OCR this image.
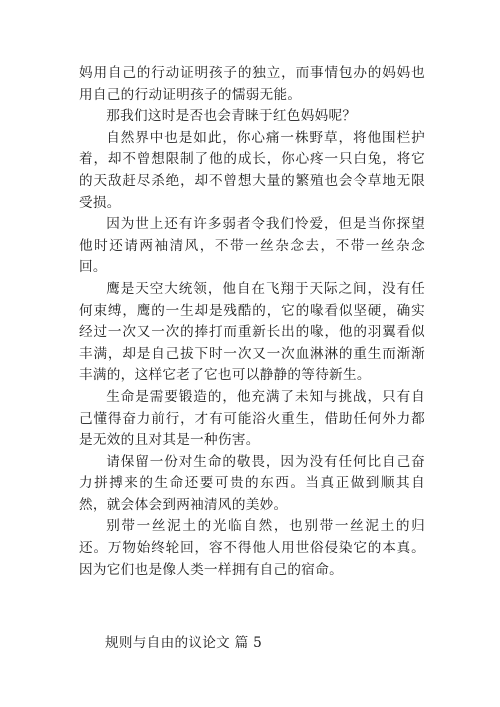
妈用自己的行动证明孩子的独立，而事情包办的妈妈也用自己的行动证明孩子的懦弱无能。

那我们这时是否也会青睐于红色妈妈呢？

自然界中也是如此，你心痛一株野草，将他围栏护着，却不曾想限制了他的成长，你心疼一只白兔，将它的天敌赶尽杀绝，却不曾想大量的繁殖也会令草地无限受损。

因为世上还有许多弱者令我们怜爱，但是当你探望他时还请两袖清风，不带一丝杂念去，不带一丝杂念回。

鹰是天空大统领，他自在飞翔于天际之间，没有任何束缚，鹰的一生却是残酷的，它的喙看似坚硬，确实经过一次又一次的捧打而重新长出的喙，他的羽翼看似丰满，却是自己拔下时一次又一次血淋淋的重生而渐渐丰满的，这样它老了它也可以静静的等待新生。

生命是需要锻造的，他充满了未知与挑战，只有自己懂得奋力前行，才有可能浴火重生，借助任何外力都是无效的且对其是一种伤害。

请保留一份对生命的敬畏，因为没有任何比自己奋力拼搏来的生命还要可贵的东西。当真正做到顺其自然，就会体会到两袖清风的美妙。

别带一丝泥土的光临自然，也别带一丝泥土的归还。万物始终轮回，容不得他人用世俗侵染它的本真。因为它们也是像人类一样拥有自己的宿命。

规则与自由的议论文 篇 5
